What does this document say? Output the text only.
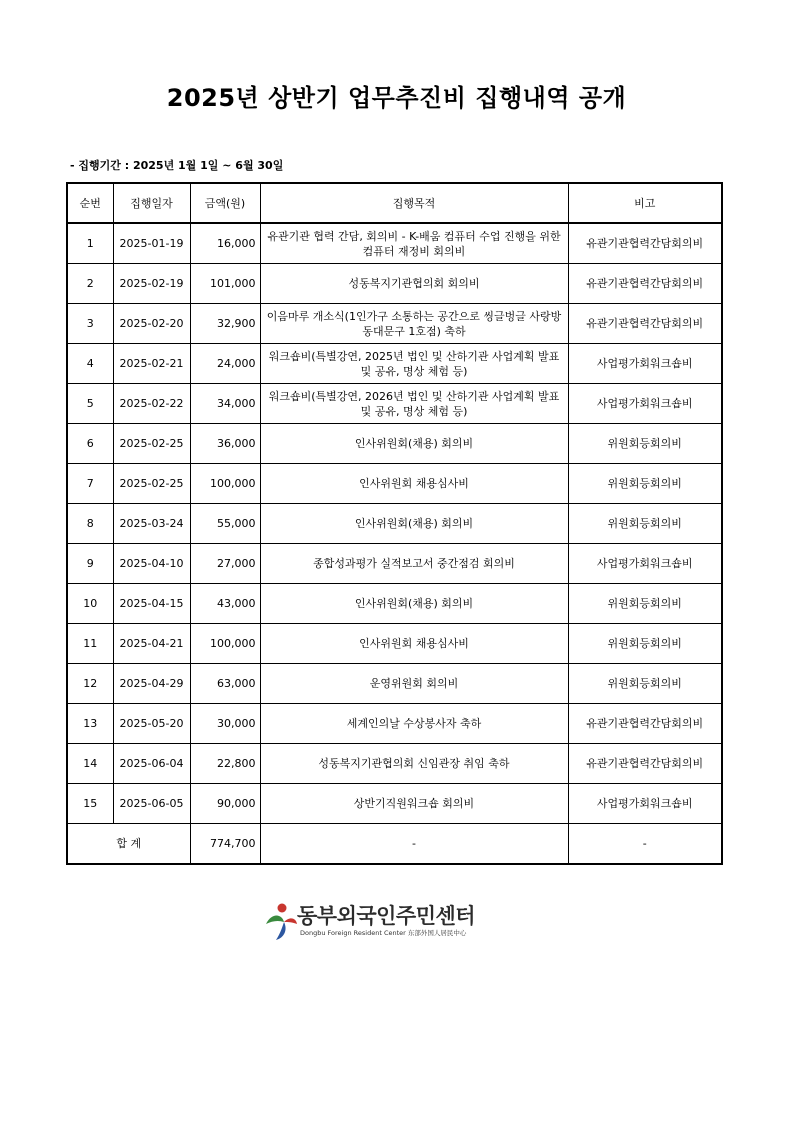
2025년 상반기 업무추진비 집행내역 공개
- 집행기간 : 2025년 1월 1일 ~ 6월 30일
순번	집행일자	금액(원)	집행목적	비고
1	2025-01-19	16,000	유관기관 협력 간담, 회의비 - K-배움 컴퓨터 수업 진행을 위한 컴퓨터 재정비 회의비	유관기관협력간담회의비
2	2025-02-19	101,000	성동복지기관협의회 회의비	유관기관협력간담회의비
3	2025-02-20	32,900	이음마루 개소식(1인가구 소통하는 공간으로 씽글벙글 사랑방 동대문구 1호점) 축하	유관기관협력간담회의비
4	2025-02-21	24,000	워크숍비(특별강연, 2025년 법인 및 산하기관 사업계획 발표 및 공유, 명상 체험 등)	사업평가회워크숍비
5	2025-02-22	34,000	워크숍비(특별강연, 2026년 법인 및 산하기관 사업계획 발표 및 공유, 명상 체험 등)	사업평가회워크숍비
6	2025-02-25	36,000	인사위원회(채용) 회의비	위원회등회의비
7	2025-02-25	100,000	인사위원회 채용심사비	위원회등회의비
8	2025-03-24	55,000	인사위원회(채용) 회의비	위원회등회의비
9	2025-04-10	27,000	종합성과평가 실적보고서 중간점검 회의비	사업평가회워크숍비
10	2025-04-15	43,000	인사위원회(채용) 회의비	위원회등회의비
11	2025-04-21	100,000	인사위원회 채용심사비	위원회등회의비
12	2025-04-29	63,000	운영위원회 회의비	위원회등회의비
13	2025-05-20	30,000	세계인의날 수상봉사자 축하	유관기관협력간담회의비
14	2025-06-04	22,800	성동복지기관협의회 신임관장 취임 축하	유관기관협력간담회의비
15	2025-06-05	90,000	상반기직원워크숍 회의비	사업평가회워크숍비
합 계		774,700	-	-
동부외국인주민센터
Dongbu Foreign Resident Center 东部外国人居民中心
